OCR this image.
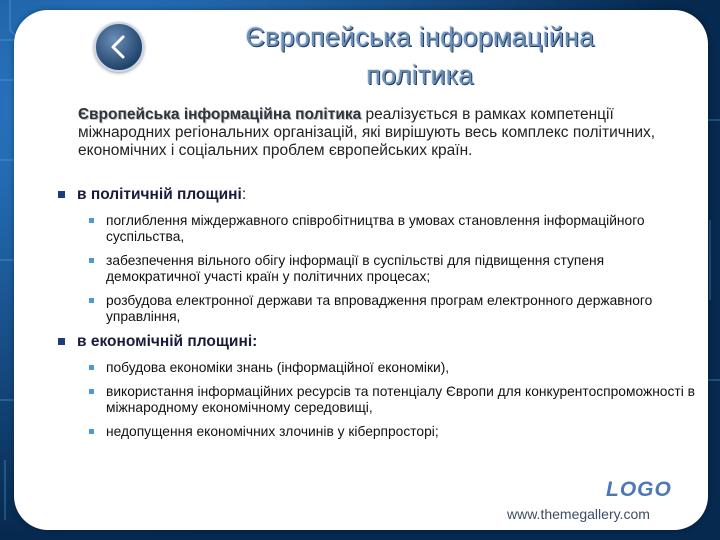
Європейська інформаційна
політика
Європейська інформаційна політика реалізується в рамках компетенції міжнародних регіональних організацій, які вирішують весь комплекс політичних, економічних і соціальних проблем європейських країн.
в політичній площині:
поглиблення міждержавного співробітництва в умовах становлення інформаційного суспільства,
забезпечення вільного обігу інформації в суспільстві для підвищення ступеня демократичної участі країн у політичних процесах;
розбудова електронної держави та впровадження програм електронного державного управління,
в економічній площині:
побудова економіки знань (інформаційної економіки),
використання інформаційних ресурсів та потенціалу Європи для конкурентоспроможності в міжнародному економічному середовищі,
недопущення економічних злочинів у кіберпросторі;
LOGO
www.themegallery.com
